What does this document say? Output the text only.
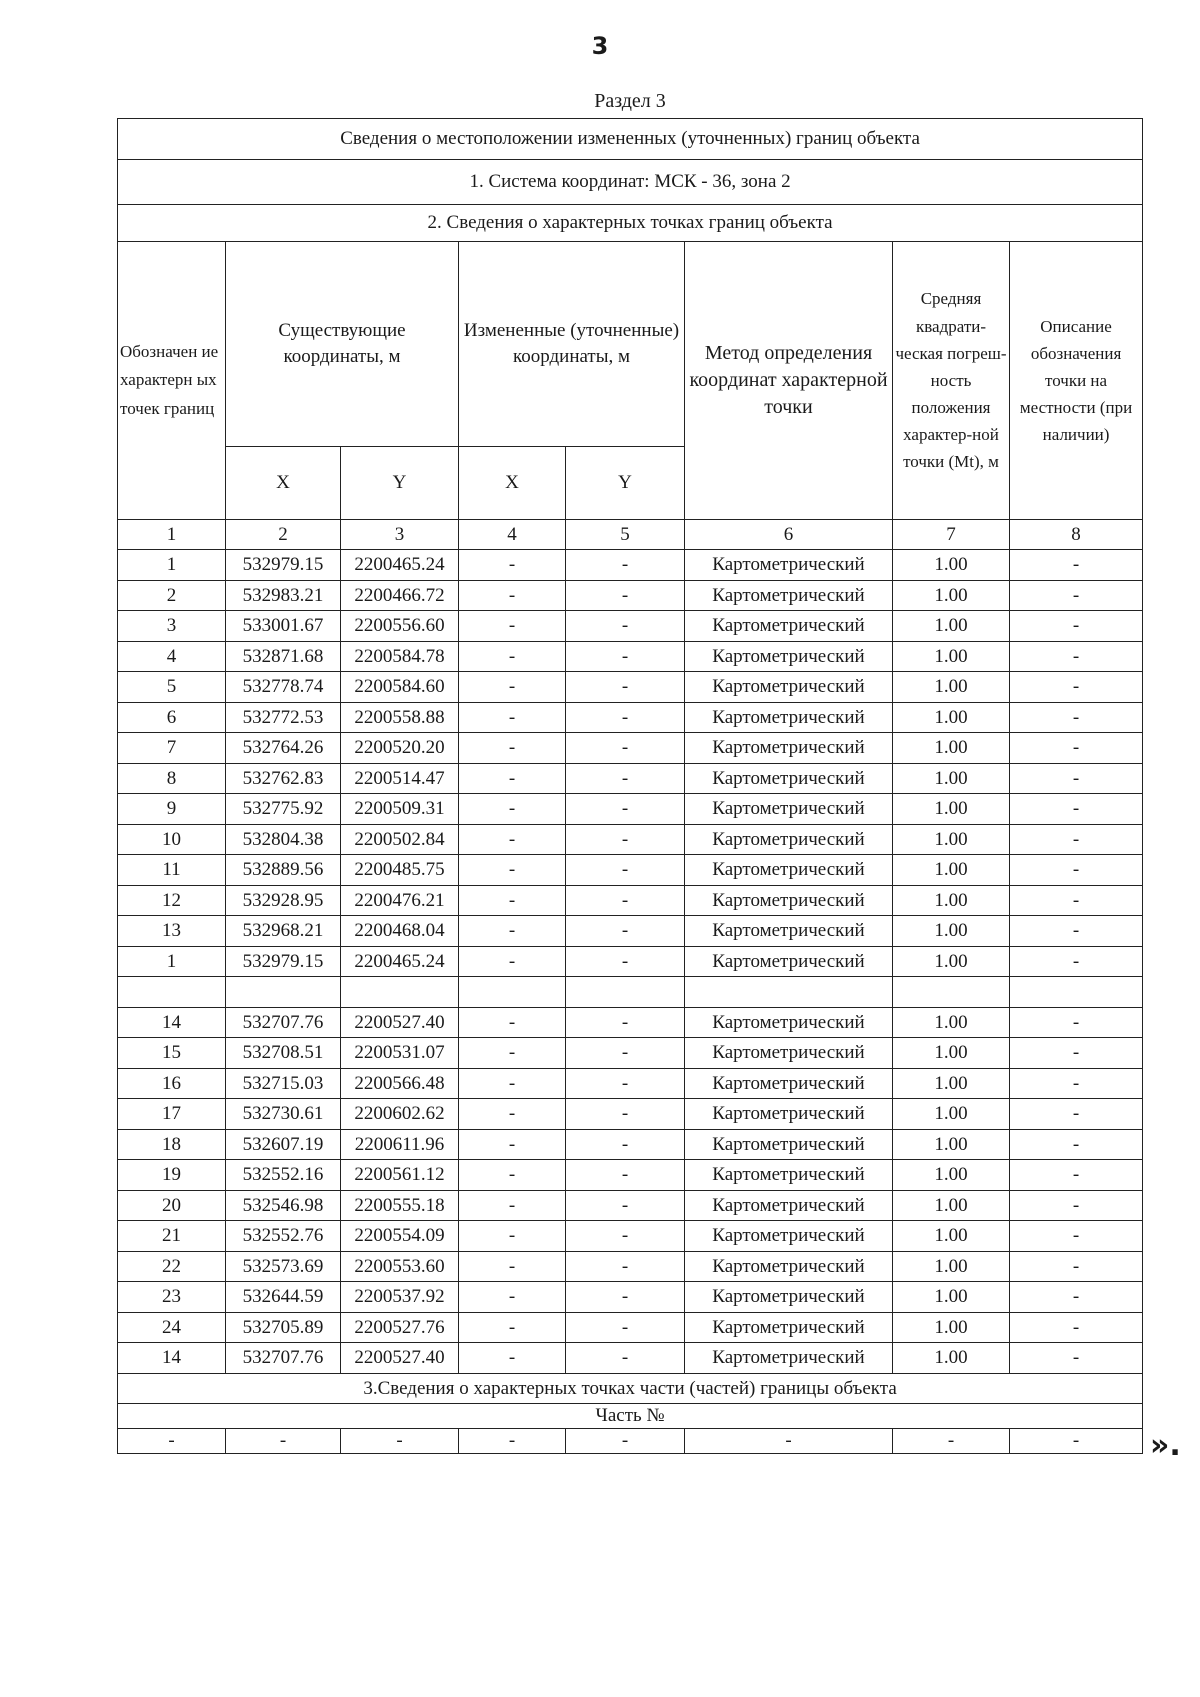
3
Раздел 3
Сведения о местоположении измененных (уточненных) границ объекта							
1. Система координат: МСК - 36, зона 2							
2. Сведения о характерных точках границ объекта							
Обозначен ие характерн ых точек границ	Существующие координаты, м		Измененные (уточненные) координаты, м		Метод определения координат характерной точки	Средняя квадрати-ческая погреш-ность положения характер-ной точки (Mt), м	Описание обозначения точки на местности (при наличии)
	X	Y	X	Y			
1	2	3	4	5	6	7	8
1	532979.15	2200465.24	-	-	Картометрический	1.00	-
2	532983.21	2200466.72	-	-	Картометрический	1.00	-
3	533001.67	2200556.60	-	-	Картометрический	1.00	-
4	532871.68	2200584.78	-	-	Картометрический	1.00	-
5	532778.74	2200584.60	-	-	Картометрический	1.00	-
6	532772.53	2200558.88	-	-	Картометрический	1.00	-
7	532764.26	2200520.20	-	-	Картометрический	1.00	-
8	532762.83	2200514.47	-	-	Картометрический	1.00	-
9	532775.92	2200509.31	-	-	Картометрический	1.00	-
10	532804.38	2200502.84	-	-	Картометрический	1.00	-
11	532889.56	2200485.75	-	-	Картометрический	1.00	-
12	532928.95	2200476.21	-	-	Картометрический	1.00	-
13	532968.21	2200468.04	-	-	Картометрический	1.00	-
1	532979.15	2200465.24	-	-	Картометрический	1.00	-

14	532707.76	2200527.40	-	-	Картометрический	1.00	-
15	532708.51	2200531.07	-	-	Картометрический	1.00	-
16	532715.03	2200566.48	-	-	Картометрический	1.00	-
17	532730.61	2200602.62	-	-	Картометрический	1.00	-
18	532607.19	2200611.96	-	-	Картометрический	1.00	-
19	532552.16	2200561.12	-	-	Картометрический	1.00	-
20	532546.98	2200555.18	-	-	Картометрический	1.00	-
21	532552.76	2200554.09	-	-	Картометрический	1.00	-
22	532573.69	2200553.60	-	-	Картометрический	1.00	-
23	532644.59	2200537.92	-	-	Картометрический	1.00	-
24	532705.89	2200527.76	-	-	Картометрический	1.00	-
14	532707.76	2200527.40	-	-	Картометрический	1.00	-
3.Сведения о характерных точках части (частей) границы объекта							
Часть №							
-	-	-	-	-	-	-	- ».
